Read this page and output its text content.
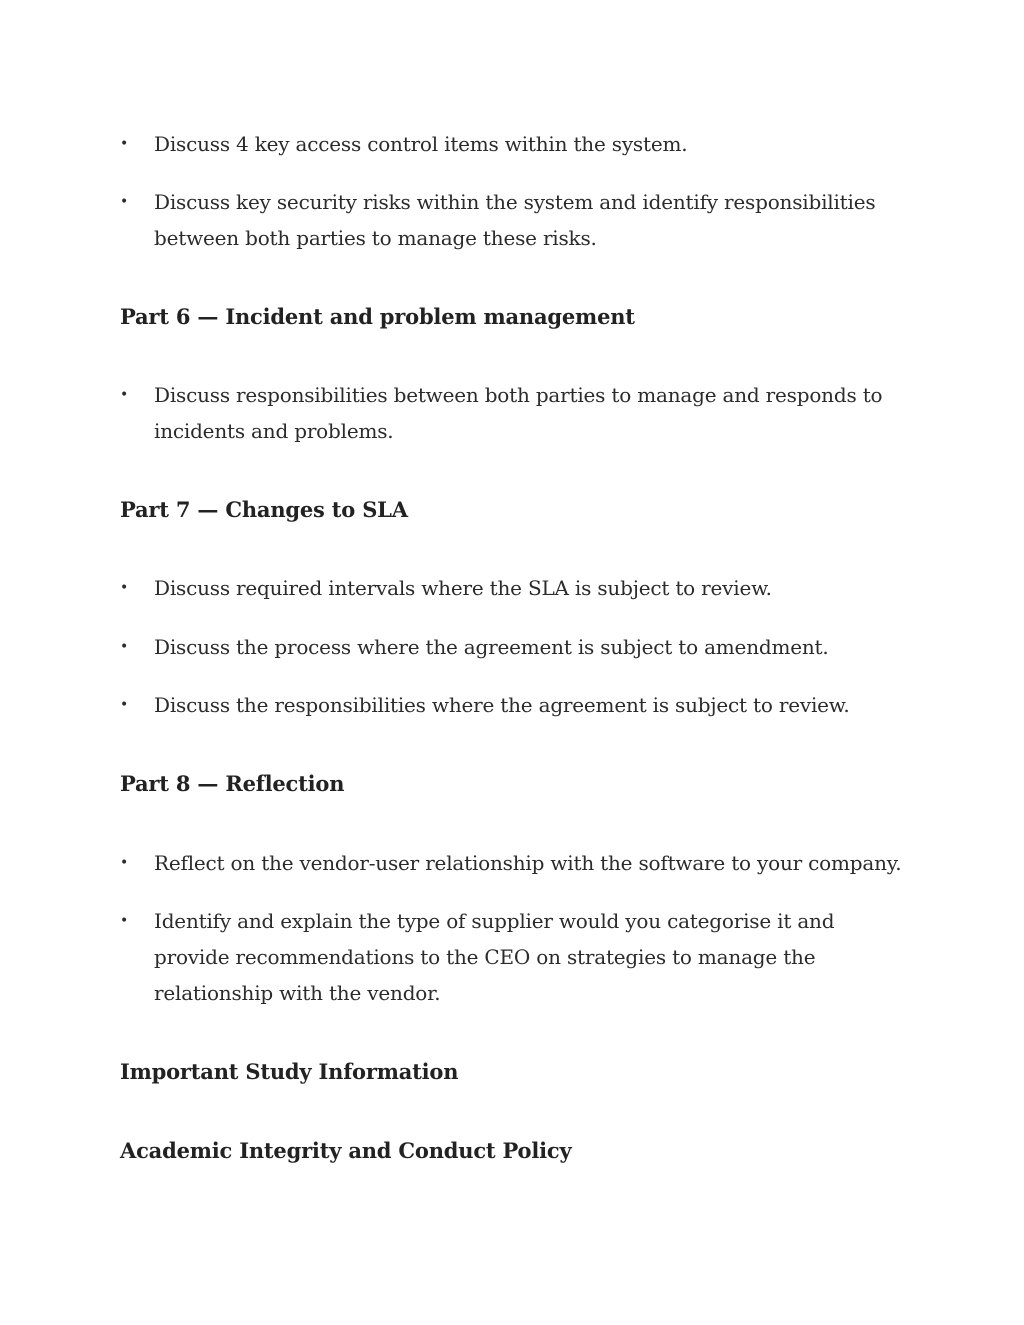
•	Discuss 4 key access control items within the system.
•	Discuss key security risks within the system and identify responsibilities between both parties to manage these risks.
Part 6 — Incident and problem management
•	Discuss responsibilities between both parties to manage and responds to incidents and problems.
Part 7 — Changes to SLA
•	Discuss required intervals where the SLA is subject to review.
•	Discuss the process where the agreement is subject to amendment.
•	Discuss the responsibilities where the agreement is subject to review.
Part 8 — Reflection
•	Reflect on the vendor-user relationship with the software to your company.
•	Identify and explain the type of supplier would you categorise it and provide recommendations to the CEO on strategies to manage the relationship with the vendor.
Important Study Information
Academic Integrity and Conduct Policy
